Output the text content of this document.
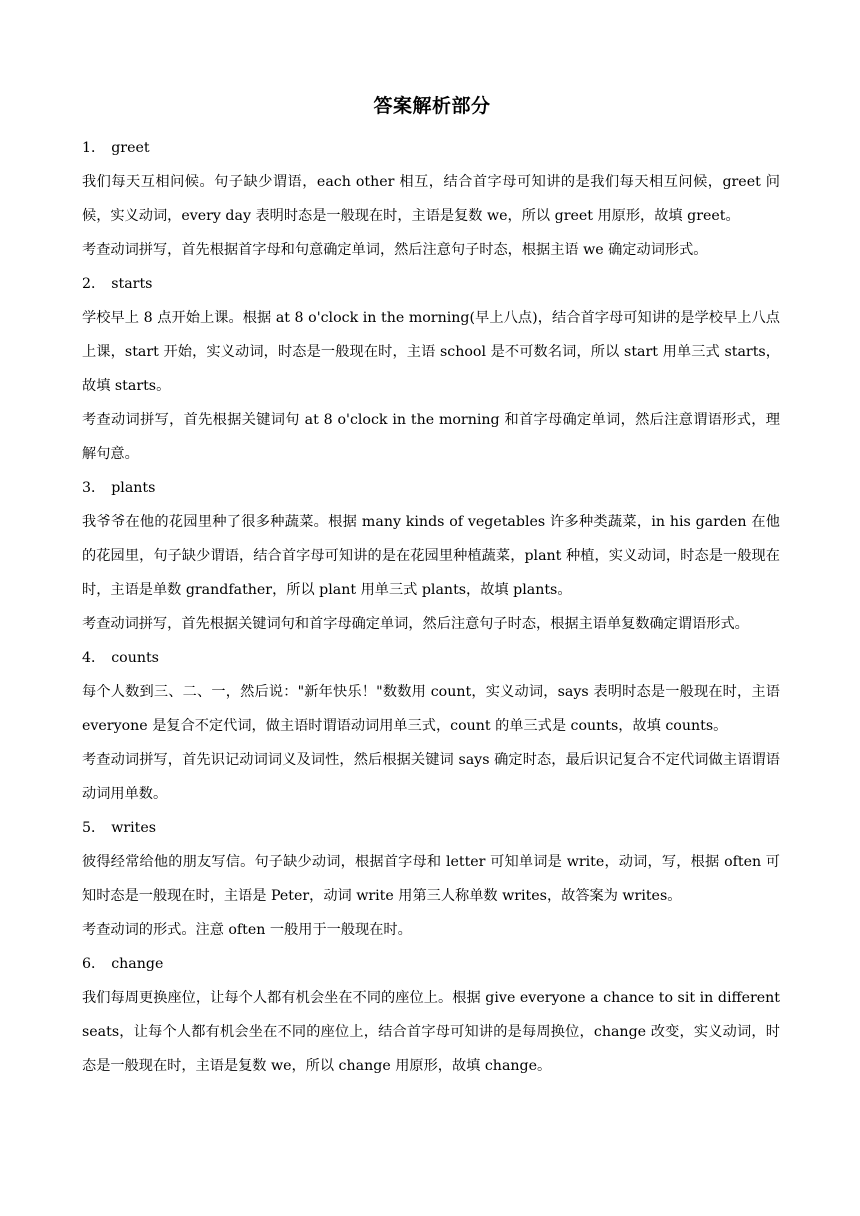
答案解析部分

1． greet

我们每天互相问候。句子缺少谓语，each other 相互，结合首字母可知讲的是我们每天相互问候，greet 问候，实义动词，every day 表明时态是一般现在时，主语是复数 we，所以 greet 用原形，故填 greet。

考查动词拼写，首先根据首字母和句意确定单词，然后注意句子时态，根据主语 we 确定动词形式。

2． starts

学校早上 8 点开始上课。根据 at 8 o'clock in the morning(早上八点)，结合首字母可知讲的是学校早上八点上课，start 开始，实义动词，时态是一般现在时，主语 school 是不可数名词，所以 start 用单三式 starts，故填 starts。

考查动词拼写，首先根据关键词句 at 8 o'clock in the morning 和首字母确定单词，然后注意谓语形式，理解句意。

3． plants

我爷爷在他的花园里种了很多种蔬菜。根据 many kinds of vegetables 许多种类蔬菜，in his garden 在他的花园里，句子缺少谓语，结合首字母可知讲的是在花园里种植蔬菜，plant 种植，实义动词，时态是一般现在时，主语是单数 grandfather，所以 plant 用单三式 plants，故填 plants。

考查动词拼写，首先根据关键词句和首字母确定单词，然后注意句子时态，根据主语单复数确定谓语形式。

4． counts

每个人数到三、二、一，然后说："新年快乐！"数数用 count，实义动词，says 表明时态是一般现在时，主语 everyone 是复合不定代词，做主语时谓语动词用单三式，count 的单三式是 counts，故填 counts。

考查动词拼写，首先识记动词词义及词性，然后根据关键词 says 确定时态，最后识记复合不定代词做主语谓语动词用单数。

5． writes

彼得经常给他的朋友写信。句子缺少动词，根据首字母和 letter 可知单词是 write，动词，写，根据 often 可知时态是一般现在时，主语是 Peter，动词 write 用第三人称单数 writes，故答案为 writes。

考查动词的形式。注意 often 一般用于一般现在时。

6． change

我们每周更换座位，让每个人都有机会坐在不同的座位上。根据 give everyone a chance to sit in different seats，让每个人都有机会坐在不同的座位上，结合首字母可知讲的是每周换位，change 改变，实义动词，时态是一般现在时，主语是复数 we，所以 change 用原形，故填 change。
